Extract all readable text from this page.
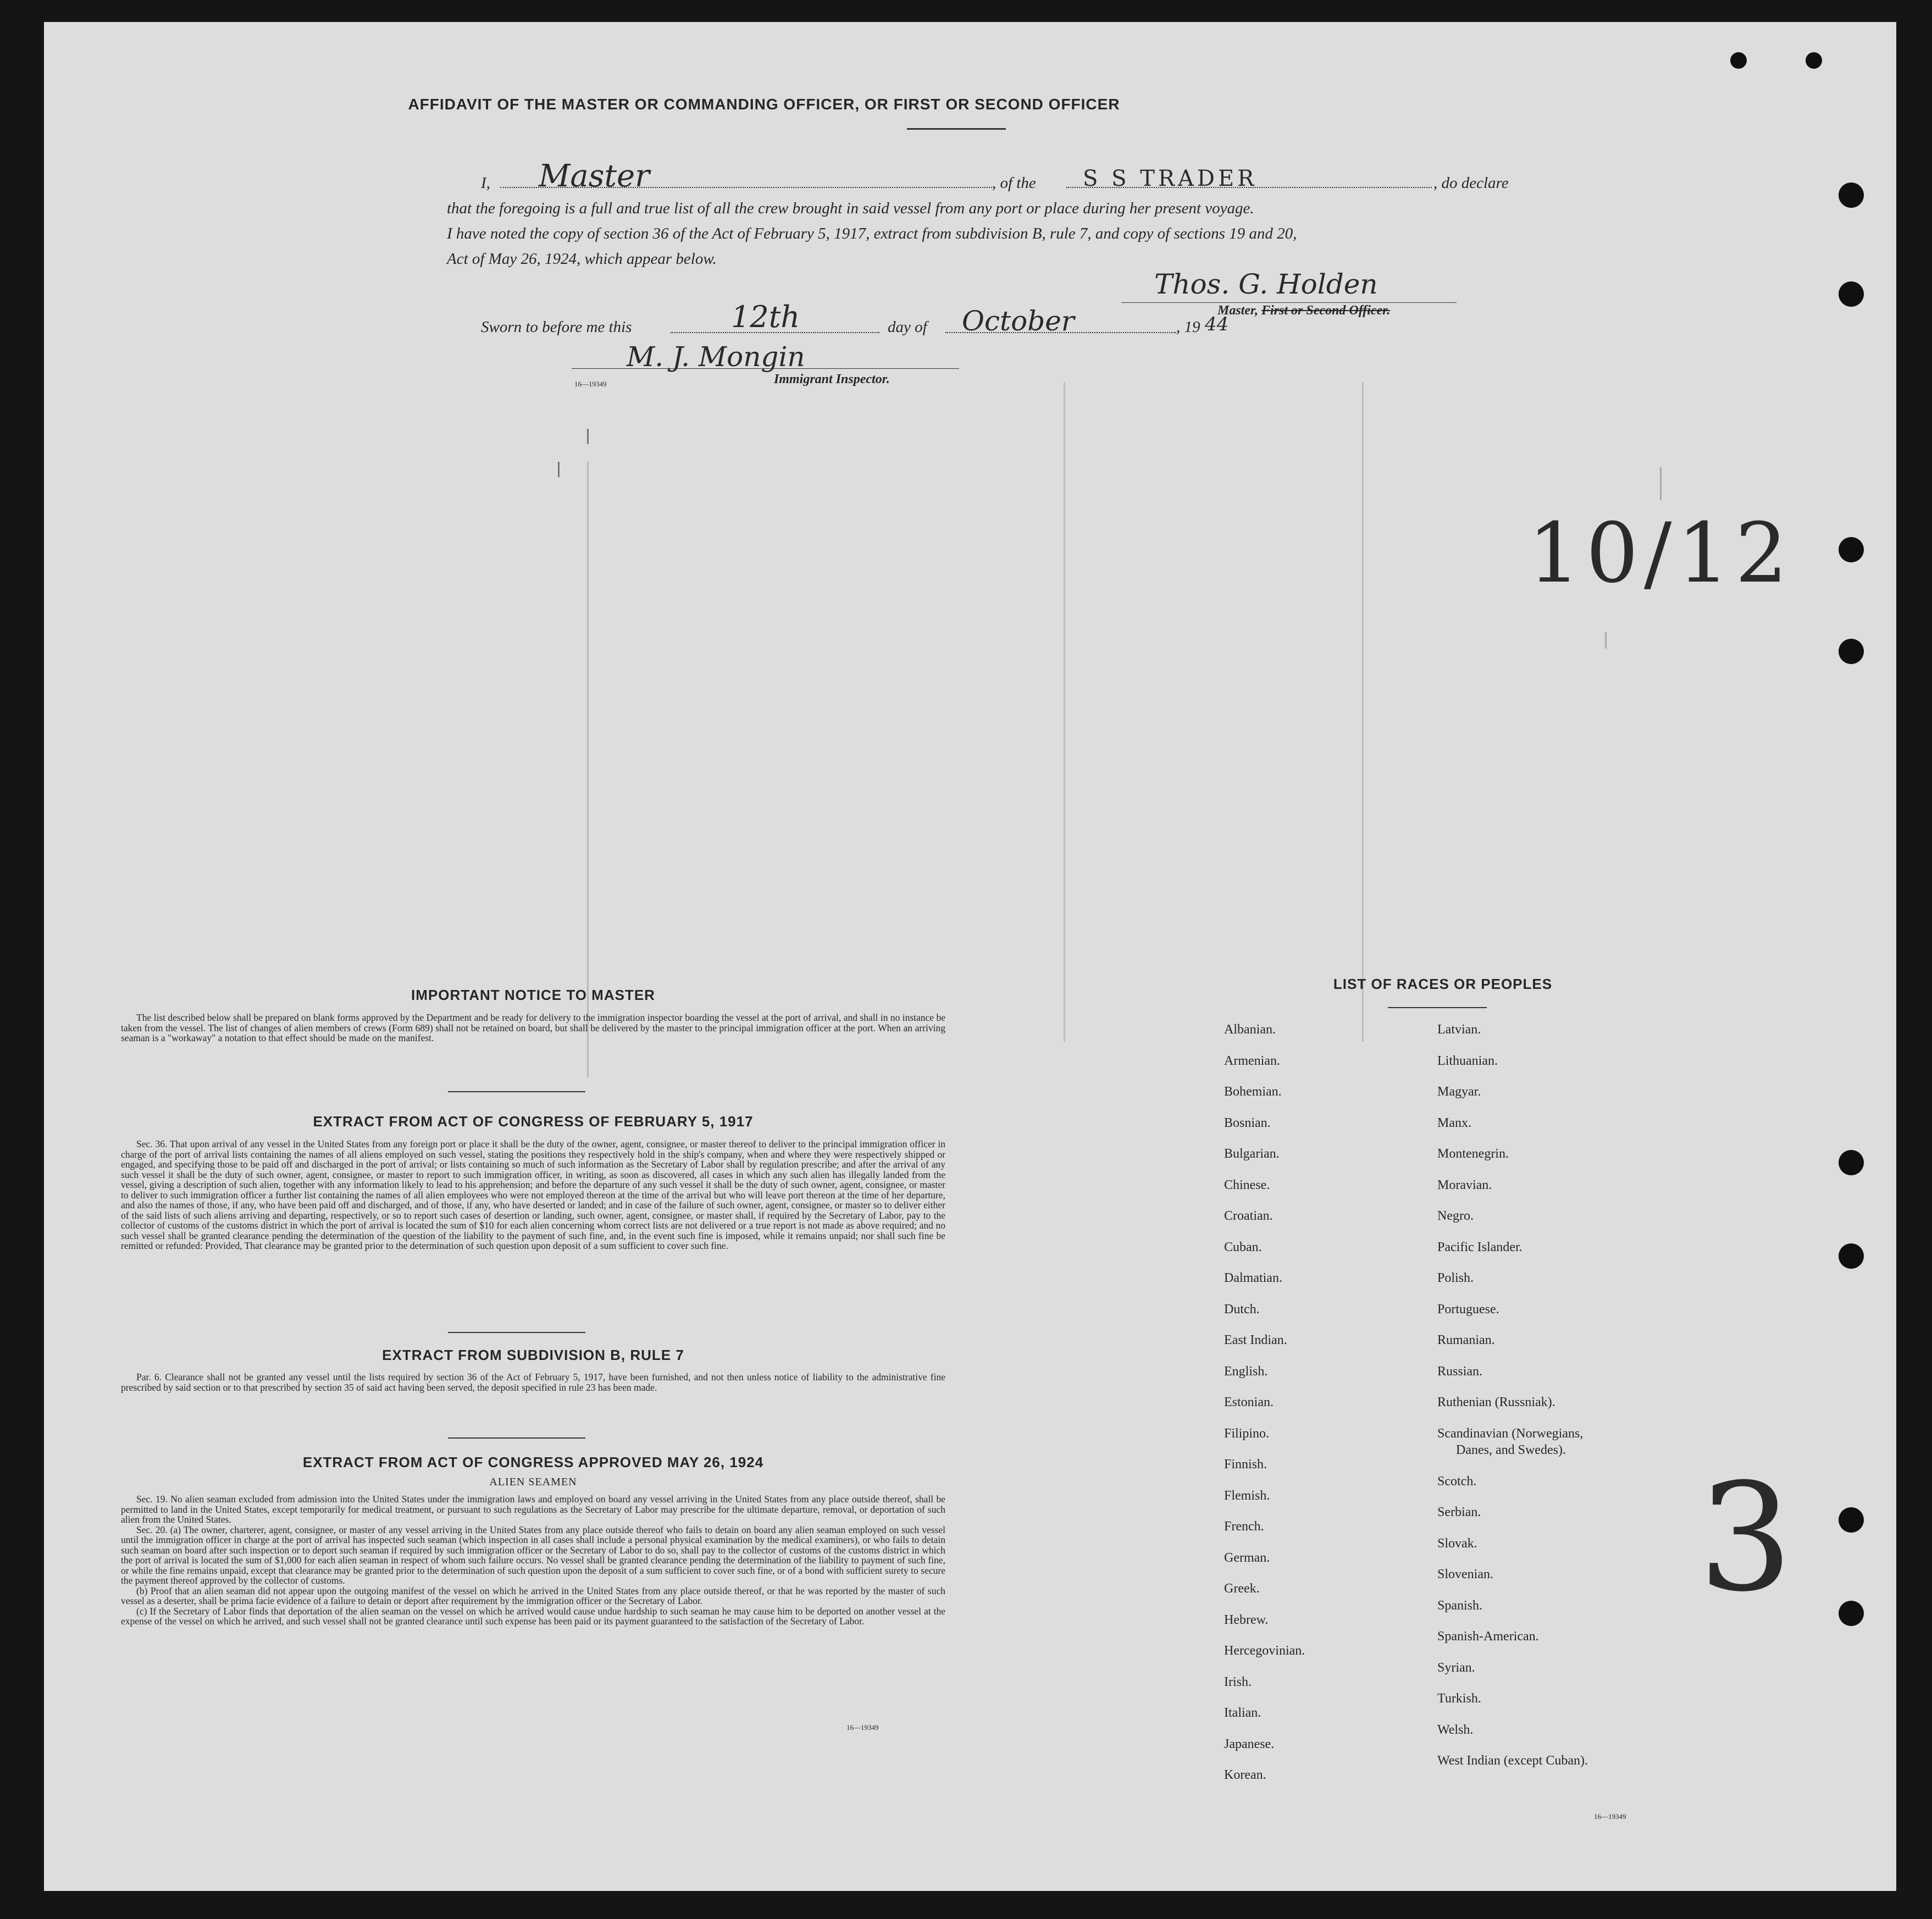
AFFIDAVIT OF THE MASTER OR COMMANDING OFFICER, OR FIRST OR SECOND OFFICER
I, Master	, of the S S TRADER	, do declare
that the foregoing is a full and true list of all the crew brought in said vessel from any port or place during her present voyage.
I have noted the copy of section 36 of the Act of February 5, 1917, extract from subdivision B, rule 7, and copy of sections 19 and 20,
Act of May 26, 1924, which appear below.
Thos. G. Holden
Master, First or Second Officer.
Sworn to before me this	12th	day of October	, 19 44
M. J. Mongin
16—19349	Immigrant Inspector.
10/12
3
IMPORTANT NOTICE TO MASTER
The list described below shall be prepared on blank forms approved by the Department and be ready for delivery to the immigration inspector boarding the vessel at the port of arrival, and shall in no instance be taken from the vessel. The list of changes of alien members of crews (Form 689) shall not be retained on board, but shall be delivered by the master to the principal immigration officer at the port. When an arriving seaman is a "workaway" a notation to that effect should be made on the manifest.
EXTRACT FROM ACT OF CONGRESS OF FEBRUARY 5, 1917
Sec. 36. That upon arrival of any vessel in the United States from any foreign port or place it shall be the duty of the owner, agent, consignee, or master thereof to deliver to the principal immigration officer in charge of the port of arrival lists containing the names of all aliens employed on such vessel, stating the positions they respectively hold in the ship's company, when and where they were respectively shipped or engaged, and specifying those to be paid off and discharged in the port of arrival; or lists containing so much of such information as the Secretary of Labor shall by regulation prescribe; and after the arrival of any such vessel it shall be the duty of such owner, agent, consignee, or master to report to such immigration officer, in writing, as soon as discovered, all cases in which any such alien has illegally landed from the vessel, giving a description of such alien, together with any information likely to lead to his apprehension; and before the departure of any such vessel it shall be the duty of such owner, agent, consignee, or master to deliver to such immigration officer a further list containing the names of all alien employees who were not employed thereon at the time of the arrival but who will leave port thereon at the time of her departure, and also the names of those, if any, who have been paid off and discharged, and of those, if any, who have deserted or landed; and in case of the failure of such owner, agent, consignee, or master so to deliver either of the said lists of such aliens arriving and departing, respectively, or so to report such cases of desertion or landing, such owner, agent, consignee, or master shall, if required by the Secretary of Labor, pay to the collector of customs of the customs district in which the port of arrival is located the sum of $10 for each alien concerning whom correct lists are not delivered or a true report is not made as above required; and no such vessel shall be granted clearance pending the determination of the question of the liability to the payment of such fine, and, in the event such fine is imposed, while it remains unpaid; nor shall such fine be remitted or refunded: Provided, That clearance may be granted prior to the determination of such question upon deposit of a sum sufficient to cover such fine.
EXTRACT FROM SUBDIVISION B, RULE 7
Par. 6. Clearance shall not be granted any vessel until the lists required by section 36 of the Act of February 5, 1917, have been furnished, and not then unless notice of liability to the administrative fine prescribed by said section or to that prescribed by section 35 of said act having been served, the deposit specified in rule 23 has been made.
EXTRACT FROM ACT OF CONGRESS APPROVED MAY 26, 1924
ALIEN SEAMEN
Sec. 19. No alien seaman excluded from admission into the United States under the immigration laws and employed on board any vessel arriving in the United States from any place outside thereof, shall be permitted to land in the United States, except temporarily for medical treatment, or pursuant to such regulations as the Secretary of Labor may prescribe for the ultimate departure, removal, or deportation of such alien from the United States.
Sec. 20. (a) The owner, charterer, agent, consignee, or master of any vessel arriving in the United States from any place outside thereof who fails to detain on board any alien seaman employed on such vessel until the immigration officer in charge at the port of arrival has inspected such seaman (which inspection in all cases shall include a personal physical examination by the medical examiners), or who fails to detain such seaman on board after such inspection or to deport such seaman if required by such immigration officer or the Secretary of Labor to do so, shall pay to the collector of customs of the customs district in which the port of arrival is located the sum of $1,000 for each alien seaman in respect of whom such failure occurs. No vessel shall be granted clearance pending the determination of the liability to payment of such fine, or while the fine remains unpaid, except that clearance may be granted prior to the determination of such question upon the deposit of a sum sufficient to cover such fine, or of a bond with sufficient surety to secure the payment thereof approved by the collector of customs.
(b) Proof that an alien seaman did not appear upon the outgoing manifest of the vessel on which he arrived in the United States from any place outside thereof, or that he was reported by the master of such vessel as a deserter, shall be prima facie evidence of a failure to detain or deport after requirement by the immigration officer or the Secretary of Labor.
(c) If the Secretary of Labor finds that deportation of the alien seaman on the vessel on which he arrived would cause undue hardship to such seaman he may cause him to be deported on another vessel at the expense of the vessel on which he arrived, and such vessel shall not be granted clearance until such expense has been paid or its payment guaranteed to the satisfaction of the Secretary of Labor.
16—19349
LIST OF RACES OR PEOPLES
Albanian.
Armenian.
Bohemian.
Bosnian.
Bulgarian.
Chinese.
Croatian.
Cuban.
Dalmatian.
Dutch.
East Indian.
English.
Estonian.
Filipino.
Finnish.
Flemish.
French.
German.
Greek.
Hebrew.
Hercegovinian.
Irish.
Italian.
Japanese.
Korean.
Latvian.
Lithuanian.
Magyar.
Manx.
Montenegrin.
Moravian.
Negro.
Pacific Islander.
Polish.
Portuguese.
Rumanian.
Russian.
Ruthenian (Russniak).
Scandinavian (Norwegians,
Danes, and Swedes).
Scotch.
Serbian.
Slovak.
Slovenian.
Spanish.
Spanish-American.
Syrian.
Turkish.
Welsh.
West Indian (except Cuban).
16—19349
